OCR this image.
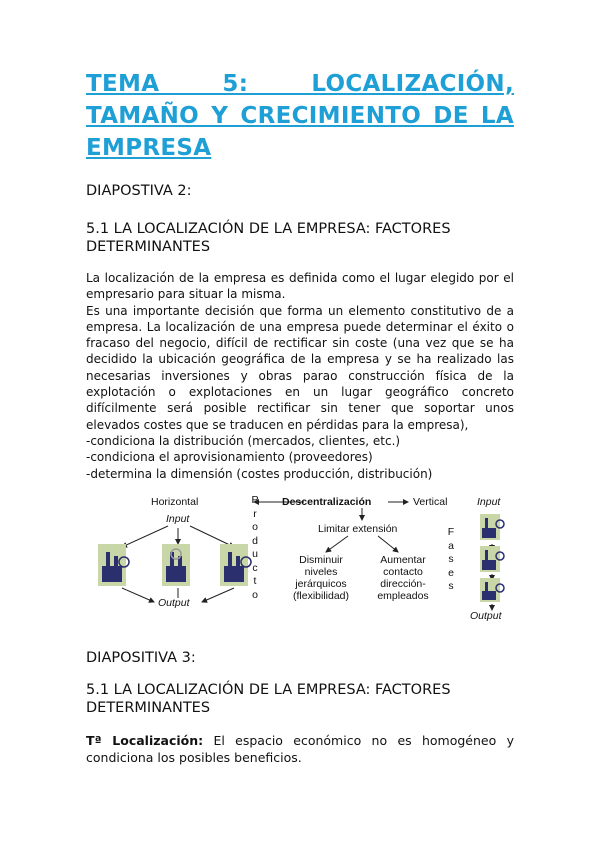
TEMA 5: LOCALIZACIÓN,
TAMAÑO Y CRECIMIENTO DE LA
EMPRESA

DIAPOSTIVA 2:

5.1 LA LOCALIZACIÓN DE LA EMPRESA: FACTORES
DETERMINANTES
La localización de la empresa es definida como el lugar elegido por el
empresario para situar la misma.
Es una importante decisión que forma un elemento constitutivo de a
empresa. La localización de una empresa puede determinar el éxito o
fracaso del negocio, difícil de rectificar sin coste (una vez que se ha
decidido la ubicación geográfica de la empresa y se ha realizado las
necesarias inversiones y obras parao construcción física de la
explotación o explotaciones en un lugar geográfico concreto
difícilmente será posible rectificar sin tener que soportar unos
elevados costes que se traducen en pérdidas para la empresa),
-condiciona la distribución (mercados, clientes, etc.)
-condiciona el aprovisionamiento (proveedores)
-determina la dimensión (costes producción, distribución)
Horizontal
Input
Output
P
r
o
d
u
c
t
o
Descentralización	Vertical
Limitar extensión
Disminuir
niveles
jerárquicos
(flexibilidad)
Aumentar
contacto
dirección-
empleados
F
a
s
e
s
Input
Output

DIAPOSITIVA 3:

5.1 LA LOCALIZACIÓN DE LA EMPRESA: FACTORES
DETERMINANTES
Tª Localización: El espacio económico no es homogéneo y
condiciona los posibles beneficios.
